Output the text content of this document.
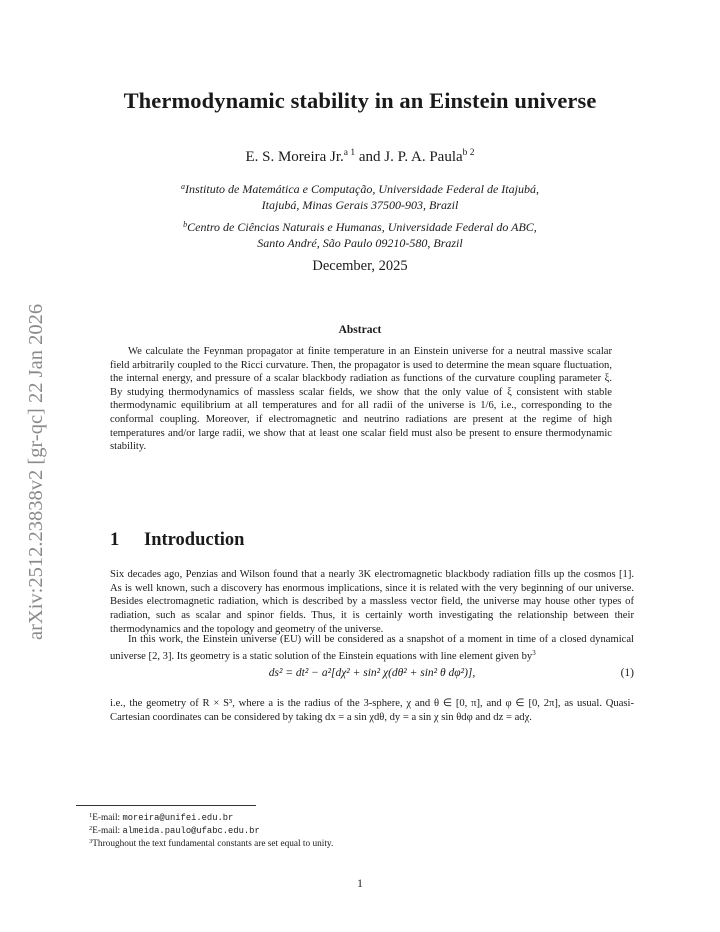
arXiv:2512.23838v2 [gr-qc] 22 Jan 2026
Thermodynamic stability in an Einstein universe
E. S. Moreira Jr.$^{a 1}$ and J. P. A. Paula$^{b 2}$
$^a$Instituto de Matemática e Computação, Universidade Federal de Itajubá,
Itajubá, Minas Gerais 37500-903, Brazil
$^b$Centro de Ciências Naturais e Humanas, Universidade Federal do ABC,
Santo André, São Paulo 09210-580, Brazil
December, 2025
Abstract
We calculate the Feynman propagator at finite temperature in an Einstein universe for a neutral massive scalar field arbitrarily coupled to the Ricci curvature. Then, the propagator is used to determine the mean square fluctuation, the internal energy, and pressure of a scalar blackbody radiation as functions of the curvature coupling parameter ξ. By studying thermodynamics of massless scalar fields, we show that the only value of ξ consistent with stable thermodynamic equilibrium at all temperatures and for all radii of the universe is 1/6, i.e., corresponding to the conformal coupling. Moreover, if electromagnetic and neutrino radiations are present at the regime of high temperatures and/or large radii, we show that at least one scalar field must also be present to ensure thermodynamic stability.
1 Introduction
Six decades ago, Penzias and Wilson found that a nearly 3K electromagnetic blackbody radiation fills up the cosmos [1]. As is well known, such a discovery has enormous implications, since it is related with the very beginning of our universe. Besides electromagnetic radiation, which is described by a massless vector field, the universe may house other types of radiation, such as scalar and spinor fields. Thus, it is certainly worth investigating the relationship between their thermodynamics and the topology and geometry of the universe.
In this work, the Einstein universe (EU) will be considered as a snapshot of a moment in time of a closed dynamical universe [2, 3]. Its geometry is a static solution of the Einstein equations with line element given $by^3$
ds² = dt² − a²[dχ² + sin² χ(dθ² + sin² θ dφ²)],	(1)
i.e., the geometry of R × S³, where a is the radius of the 3-sphere, χ and θ ∈ [0, π], and φ ∈ [0, 2π], as usual. Quasi-Cartesian coordinates can be considered by taking dx = a sin χdθ, dy = a sin χ sin θdφ and dz = adχ.
$^1$E-mail: moreira@unifei.edu.br
$^2$E-mail: almeida.paulo@ufabc.edu.br
$^3$Throughout the text fundamental constants are set equal to unity.
1
